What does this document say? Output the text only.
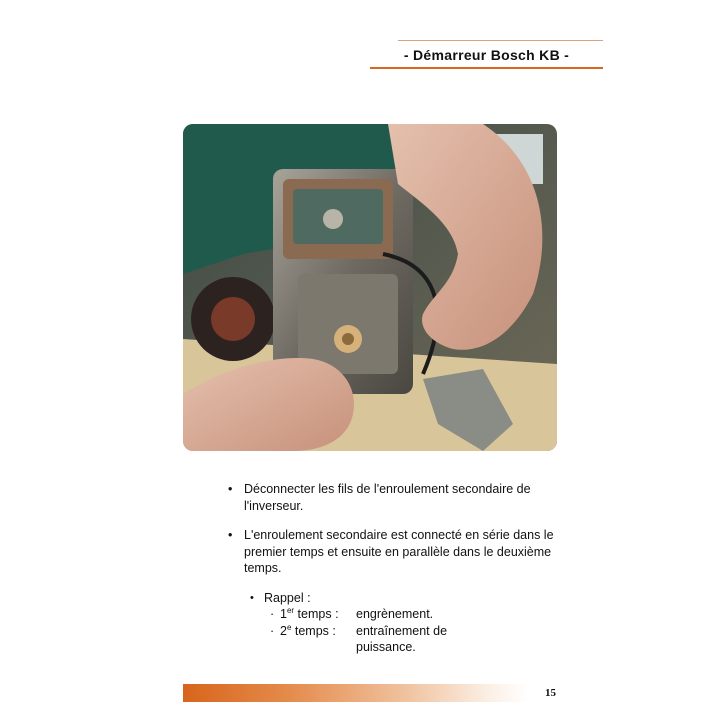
- Démarreur Bosch KB -
• Déconnecter les fils de l'enroulement secondaire de l'inverseur.
• L'enroulement secondaire est connecté en série dans le premier temps et ensuite en parallèle dans le deuxième temps.
• Rappel :
· 1er temps :	engrènement.
· $2^e$ temps :	entraînement de puissance.
15
